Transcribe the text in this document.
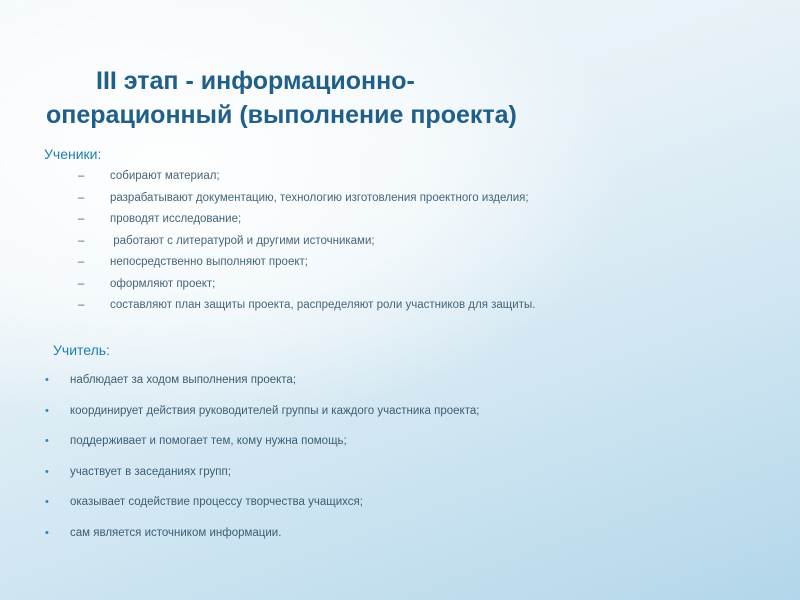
III этап - информационно-
операционный (выполнение проекта)
Ученики:
– собирают материал;
– разрабатывают документацию, технологию изготовления проектного изделия;
– проводят исследование;
– работают с литературой и другими источниками;
– непосредственно выполняют проект;
– оформляют проект;
– составляют план защиты проекта, распределяют роли участников для защиты.
Учитель:
• наблюдает за ходом выполнения проекта;
• координирует действия руководителей группы и каждого участника проекта;
• поддерживает и помогает тем, кому нужна помощь;
• участвует в заседаниях групп;
• оказывает содействие процессу творчества учащихся;
• сам является источником информации.
